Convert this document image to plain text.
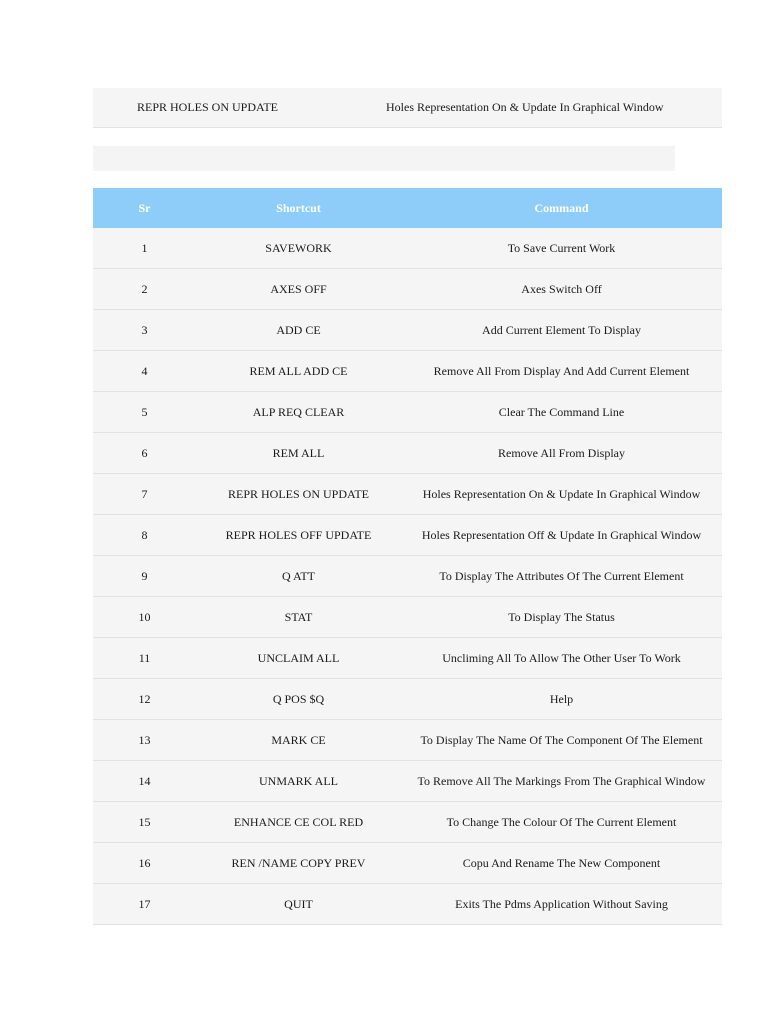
REPR HOLES ON UPDATE	Holes Representation On & Update In Graphical Window
Sr	Shortcut	Command
1	SAVEWORK	To Save Current Work
2	AXES OFF	Axes Switch Off
3	ADD CE	Add Current Element To Display
4	REM ALL ADD CE	Remove All From Display And Add Current Element
5	ALP REQ CLEAR	Clear The Command Line
6	REM ALL	Remove All From Display
7	REPR HOLES ON UPDATE	Holes Representation On & Update In Graphical Window
8	REPR HOLES OFF UPDATE	Holes Representation Off & Update In Graphical Window
9	Q ATT	To Display The Attributes Of The Current Element
10	STAT	To Display The Status
11	UNCLAIM ALL	Uncliming All To Allow The Other User To Work
12	Q POS $Q	Help
13	MARK CE	To Display The Name Of The Component Of The Element
14	UNMARK ALL	To Remove All The Markings From The Graphical Window
15	ENHANCE CE COL RED	To Change The Colour Of The Current Element
16	REN /NAME COPY PREV	Copu And Rename The New Component
17	QUIT	Exits The Pdms Application Without Saving
